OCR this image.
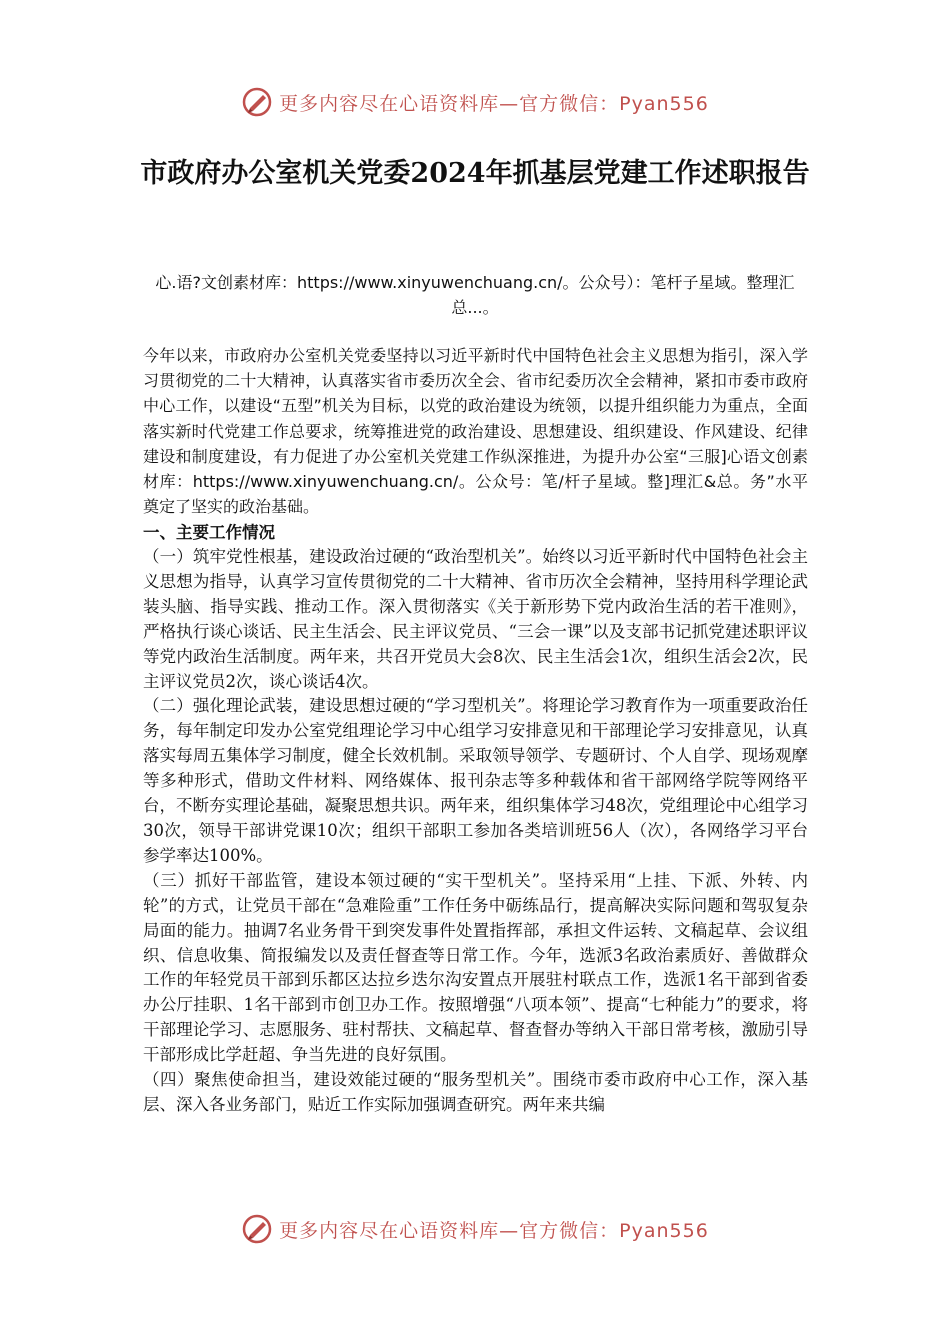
更多内容尽在心语资料库—官方微信：Pyan556
市政府办公室机关党委2024年抓基层党建工作述职报告

心.语?文创素材库：https://www.xinyuwenchuang.cn/。公众号）：笔杆子星域。整理汇总...。

今年以来，市政府办公室机关党委坚持以习近平新时代中国特色社会主义思想为指引，深入学习贯彻党的二十大精神，认真落实省市委历次全会、省市纪委历次全会精神，紧扣市委市政府中心工作，以建设“五型”机关为目标，以党的政治建设为统领，以提升组织能力为重点，全面落实新时代党建工作总要求，统筹推进党的政治建设、思想建设、组织建设、作风建设、纪律建设和制度建设，有力促进了办公室机关党建工作纵深推进，为提升办公室“三服]心语文创素材库：https://www.xinyuwenchuang.cn/。公众号：笔/杆子星域。整]理汇&总。务”水平奠定了坚实的政治基础。

一、主要工作情况

（一）筑牢党性根基，建设政治过硬的“政治型机关”。始终以习近平新时代中国特色社会主义思想为指导，认真学习宣传贯彻党的二十大精神、省市历次全会精神，坚持用科学理论武装头脑、指导实践、推动工作。深入贯彻落实《关于新形势下党内政治生活的若干准则》，严格执行谈心谈话、民主生活会、民主评议党员、“三会一课”以及支部书记抓党建述职评议等党内政治生活制度。两年来，共召开党员大会8次、民主生活会1次，组织生活会2次，民主评议党员2次，谈心谈话4次。

（二）强化理论武装，建设思想过硬的“学习型机关”。将理论学习教育作为一项重要政治任务，每年制定印发办公室党组理论学习中心组学习安排意见和干部理论学习安排意见，认真落实每周五集体学习制度，健全长效机制。采取领导领学、专题研讨、个人自学、现场观摩等多种形式，借助文件材料、网络媒体、报刊杂志等多种载体和省干部网络学院等网络平台，不断夯实理论基础，凝聚思想共识。两年来，组织集体学习48次，党组理论中心组学习30次，领导干部讲党课10次；组织干部职工参加各类培训班56人（次），各网络学习平台参学率达100%。

（三）抓好干部监管，建设本领过硬的“实干型机关”。坚持采用“上挂、下派、外转、内轮”的方式，让党员干部在“急难险重”工作任务中砺练品行，提高解决实际问题和驾驭复杂局面的能力。抽调7名业务骨干到突发事件处置指挥部，承担文件运转、文稿起草、会议组织、信息收集、简报编发以及责任督查等日常工作。今年，选派3名政治素质好、善做群众工作的年轻党员干部到乐都区达拉乡迭尔沟安置点开展驻村联点工作，选派1名干部到省委办公厅挂职、1名干部到市创卫办工作。按照增强“八项本领”、提高“七种能力”的要求，将干部理论学习、志愿服务、驻村帮扶、文稿起草、督查督办等纳入干部日常考核，激励引导干部形成比学赶超、争当先进的良好氛围。

（四）聚焦使命担当，建设效能过硬的“服务型机关”。围绕市委市政府中心工作，深入基层、深入各业务部门，贴近工作实际加强调查研究。两年来共编

更多内容尽在心语资料库—官方微信：Pyan556
